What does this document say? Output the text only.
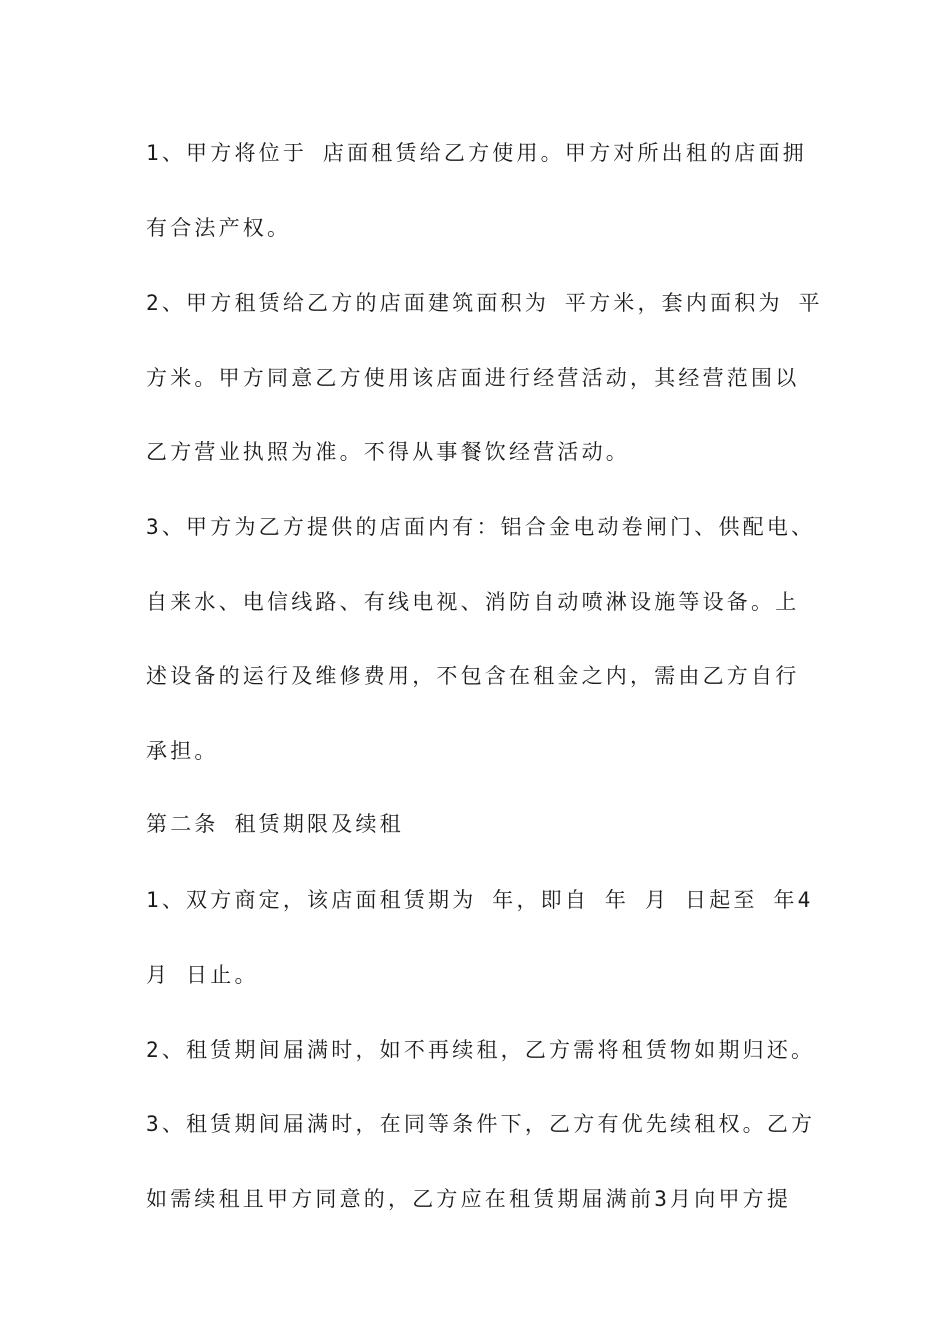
1、甲方将位于 店面租赁给乙方使用。甲方对所出租的店面拥

有合法产权。

2、甲方租赁给乙方的店面建筑面积为 平方米，套内面积为 平

方米。甲方同意乙方使用该店面进行经营活动，其经营范围以

乙方营业执照为准。不得从事餐饮经营活动。

3、甲方为乙方提供的店面内有：铝合金电动卷闸门、供配电、

自来水、电信线路、有线电视、消防自动喷淋设施等设备。上

述设备的运行及维修费用，不包含在租金之内，需由乙方自行

承担。

第二条 租赁期限及续租

1、双方商定，该店面租赁期为 年，即自 年 月 日起至 年4

月 日止。

2、租赁期间届满时，如不再续租，乙方需将租赁物如期归还。

3、租赁期间届满时，在同等条件下，乙方有优先续租权。乙方

如需续租且甲方同意的，乙方应在租赁期届满前3月向甲方提
